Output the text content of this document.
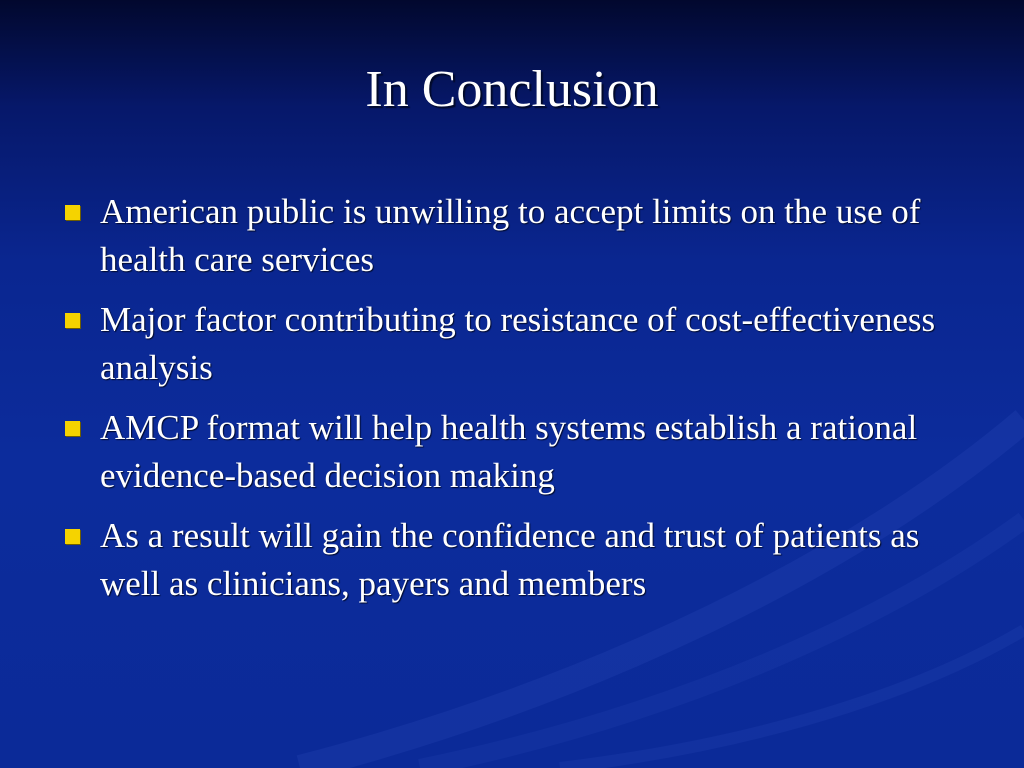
In Conclusion
American public is unwilling to accept limits on the use of health care services
Major factor contributing to resistance of cost-effectiveness analysis
AMCP format will help health systems establish a rational evidence-based decision making
As a result will gain the confidence and trust of patients as well as clinicians, payers and members
